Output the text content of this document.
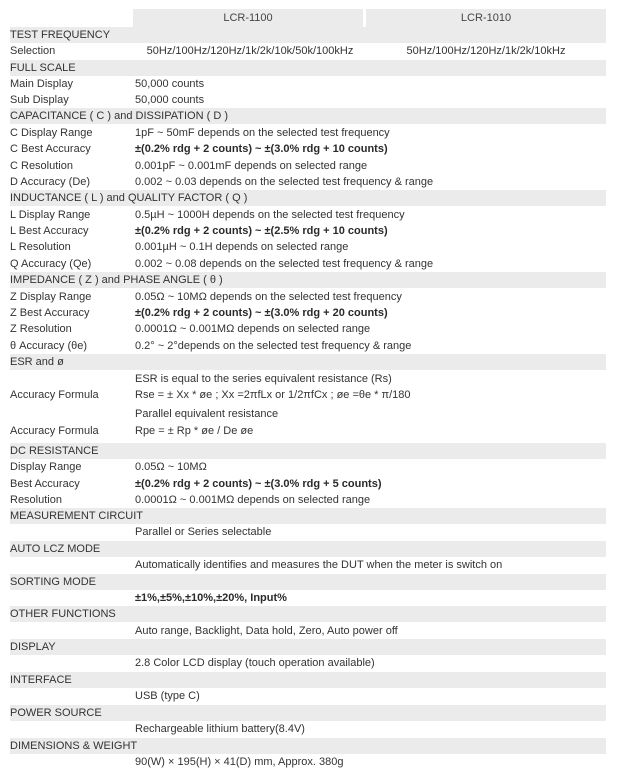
LCR-1100	LCR-1010
TEST FREQUENCY
Selection	50Hz/100Hz/120Hz/1k/2k/10k/50k/100kHz	50Hz/100Hz/120Hz/1k/2k/10kHz
FULL SCALE
Main Display	50,000 counts
Sub Display	50,000 counts
CAPACITANCE ( C ) and DISSIPATION ( D )
C Display Range	1pF ~ 50mF depends on the selected test frequency
C Best Accuracy	±(0.2% rdg + 2 counts) ~ ±(3.0% rdg + 10 counts)
C Resolution	0.001pF ~ 0.001mF depends on selected range
D Accuracy (De)	0.002 ~ 0.03 depends on the selected test frequency & range
INDUCTANCE ( L ) and QUALITY FACTOR ( Q )
L Display Range	0.5µH ~ 1000H depends on the selected test frequency
L Best Accuracy	±(0.2% rdg + 2 counts) ~ ±(2.5% rdg + 10 counts)
L Resolution	0.001µH ~ 0.1H depends on selected range
Q Accuracy (Qe)	0.002 ~ 0.08 depends on the selected test frequency & range
IMPEDANCE ( Z ) and PHASE ANGLE ( θ )
Z Display Range	0.05Ω ~ 10MΩ depends on the selected test frequency
Z Best Accuracy	±(0.2% rdg + 2 counts) ~ ±(3.0% rdg + 20 counts)
Z Resolution	0.0001Ω ~ 0.001MΩ depends on selected range
θ Accuracy (θe)	0.2° ~ 2°depends on the selected test frequency & range
ESR and ø
ESR is equal to the series equivalent resistance (Rs)
Accuracy Formula	Rse = ± Xx * øe ; Xx =2πfLx or 1/2πfCx ; øe =θe * π/180
Parallel equivalent resistance
Accuracy Formula	Rpe = ± Rp * øe / De øe
DC RESISTANCE
Display Range	0.05Ω ~ 10MΩ
Best Accuracy	±(0.2% rdg + 2 counts) ~ ±(3.0% rdg + 5 counts)
Resolution	0.0001Ω ~ 0.001MΩ depends on selected range
MEASUREMENT CIRCUIT
Parallel or Series selectable
AUTO LCZ MODE
Automatically identifies and measures the DUT when the meter is switch on
SORTING MODE
±1%,±5%,±10%,±20%, Input%
OTHER FUNCTIONS
Auto range, Backlight, Data hold, Zero, Auto power off
DISPLAY
2.8 Color LCD display (touch operation available)
INTERFACE
USB (type C)
POWER SOURCE
Rechargeable lithium battery(8.4V)
DIMENSIONS & WEIGHT
90(W) × 195(H) × 41(D) mm, Approx. 380g
